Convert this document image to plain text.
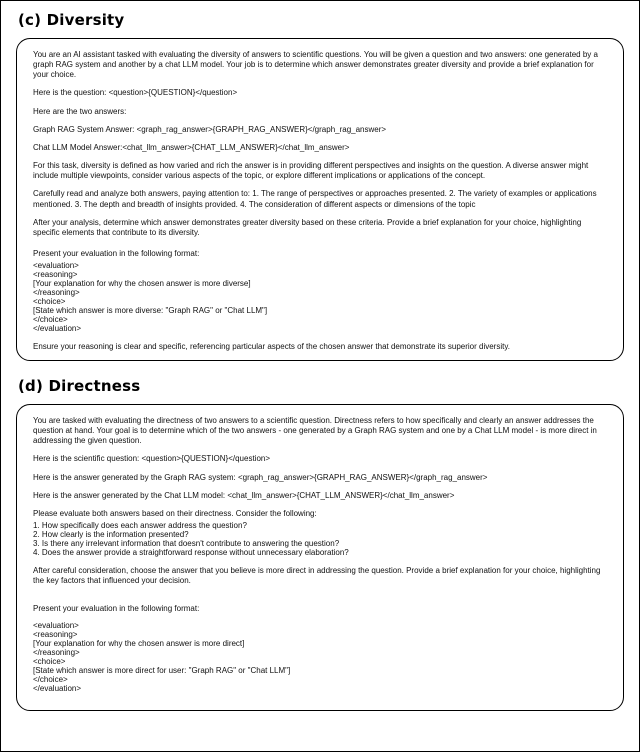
(c) Diversity

You are an AI assistant tasked with evaluating the diversity of answers to scientific questions. You will be given a question and two answers: one generated by a graph RAG system and another by a chat LLM model. Your job is to determine which answer demonstrates greater diversity and provide a brief explanation for your choice.

Here is the question: <question>{QUESTION}</question>

Here are the two answers:

Graph RAG System Answer: <graph_rag_answer>{GRAPH_RAG_ANSWER}</graph_rag_answer>

Chat LLM Model Answer:<chat_llm_answer>{CHAT_LLM_ANSWER}</chat_llm_answer>

For this task, diversity is defined as how varied and rich the answer is in providing different perspectives and insights on the question. A diverse answer might include multiple viewpoints, consider various aspects of the topic, or explore different implications or applications of the concept.

Carefully read and analyze both answers, paying attention to: 1. The range of perspectives or approaches presented. 2. The variety of examples or applications mentioned. 3. The depth and breadth of insights provided. 4. The consideration of different aspects or dimensions of the topic

After your analysis, determine which answer demonstrates greater diversity based on these criteria. Provide a brief explanation for your choice, highlighting specific elements that contribute to its diversity.

Present your evaluation in the following format:

<evaluation>
<reasoning>
[Your explanation for why the chosen answer is more diverse]
</reasoning>
<choice>
[State which answer is more diverse: "Graph RAG" or "Chat LLM"]
</choice>
</evaluation>

Ensure your reasoning is clear and specific, referencing particular aspects of the chosen answer that demonstrate its superior diversity.

(d) Directness

You are tasked with evaluating the directness of two answers to a scientific question. Directness refers to how specifically and clearly an answer addresses the question at hand. Your goal is to determine which of the two answers - one generated by a Graph RAG system and one by a Chat LLM model - is more direct in addressing the given question.

Here is the scientific question: <question>{QUESTION}</question>

Here is the answer generated by the Graph RAG system: <graph_rag_answer>{GRAPH_RAG_ANSWER}</graph_rag_answer>

Here is the answer generated by the Chat LLM model: <chat_llm_answer>{CHAT_LLM_ANSWER}</chat_llm_answer>

Please evaluate both answers based on their directness. Consider the following:

1. How specifically does each answer address the question?
2. How clearly is the information presented?
3. Is there any irrelevant information that doesn't contribute to answering the question?
4. Does the answer provide a straightforward response without unnecessary elaboration?

After careful consideration, choose the answer that you believe is more direct in addressing the question. Provide a brief explanation for your choice, highlighting the key factors that influenced your decision.

Present your evaluation in the following format:

<evaluation>
<reasoning>
[Your explanation for why the chosen answer is more direct]
</reasoning>
<choice>
[State which answer is more direct for user: "Graph RAG" or "Chat LLM"]
</choice>
</evaluation>
